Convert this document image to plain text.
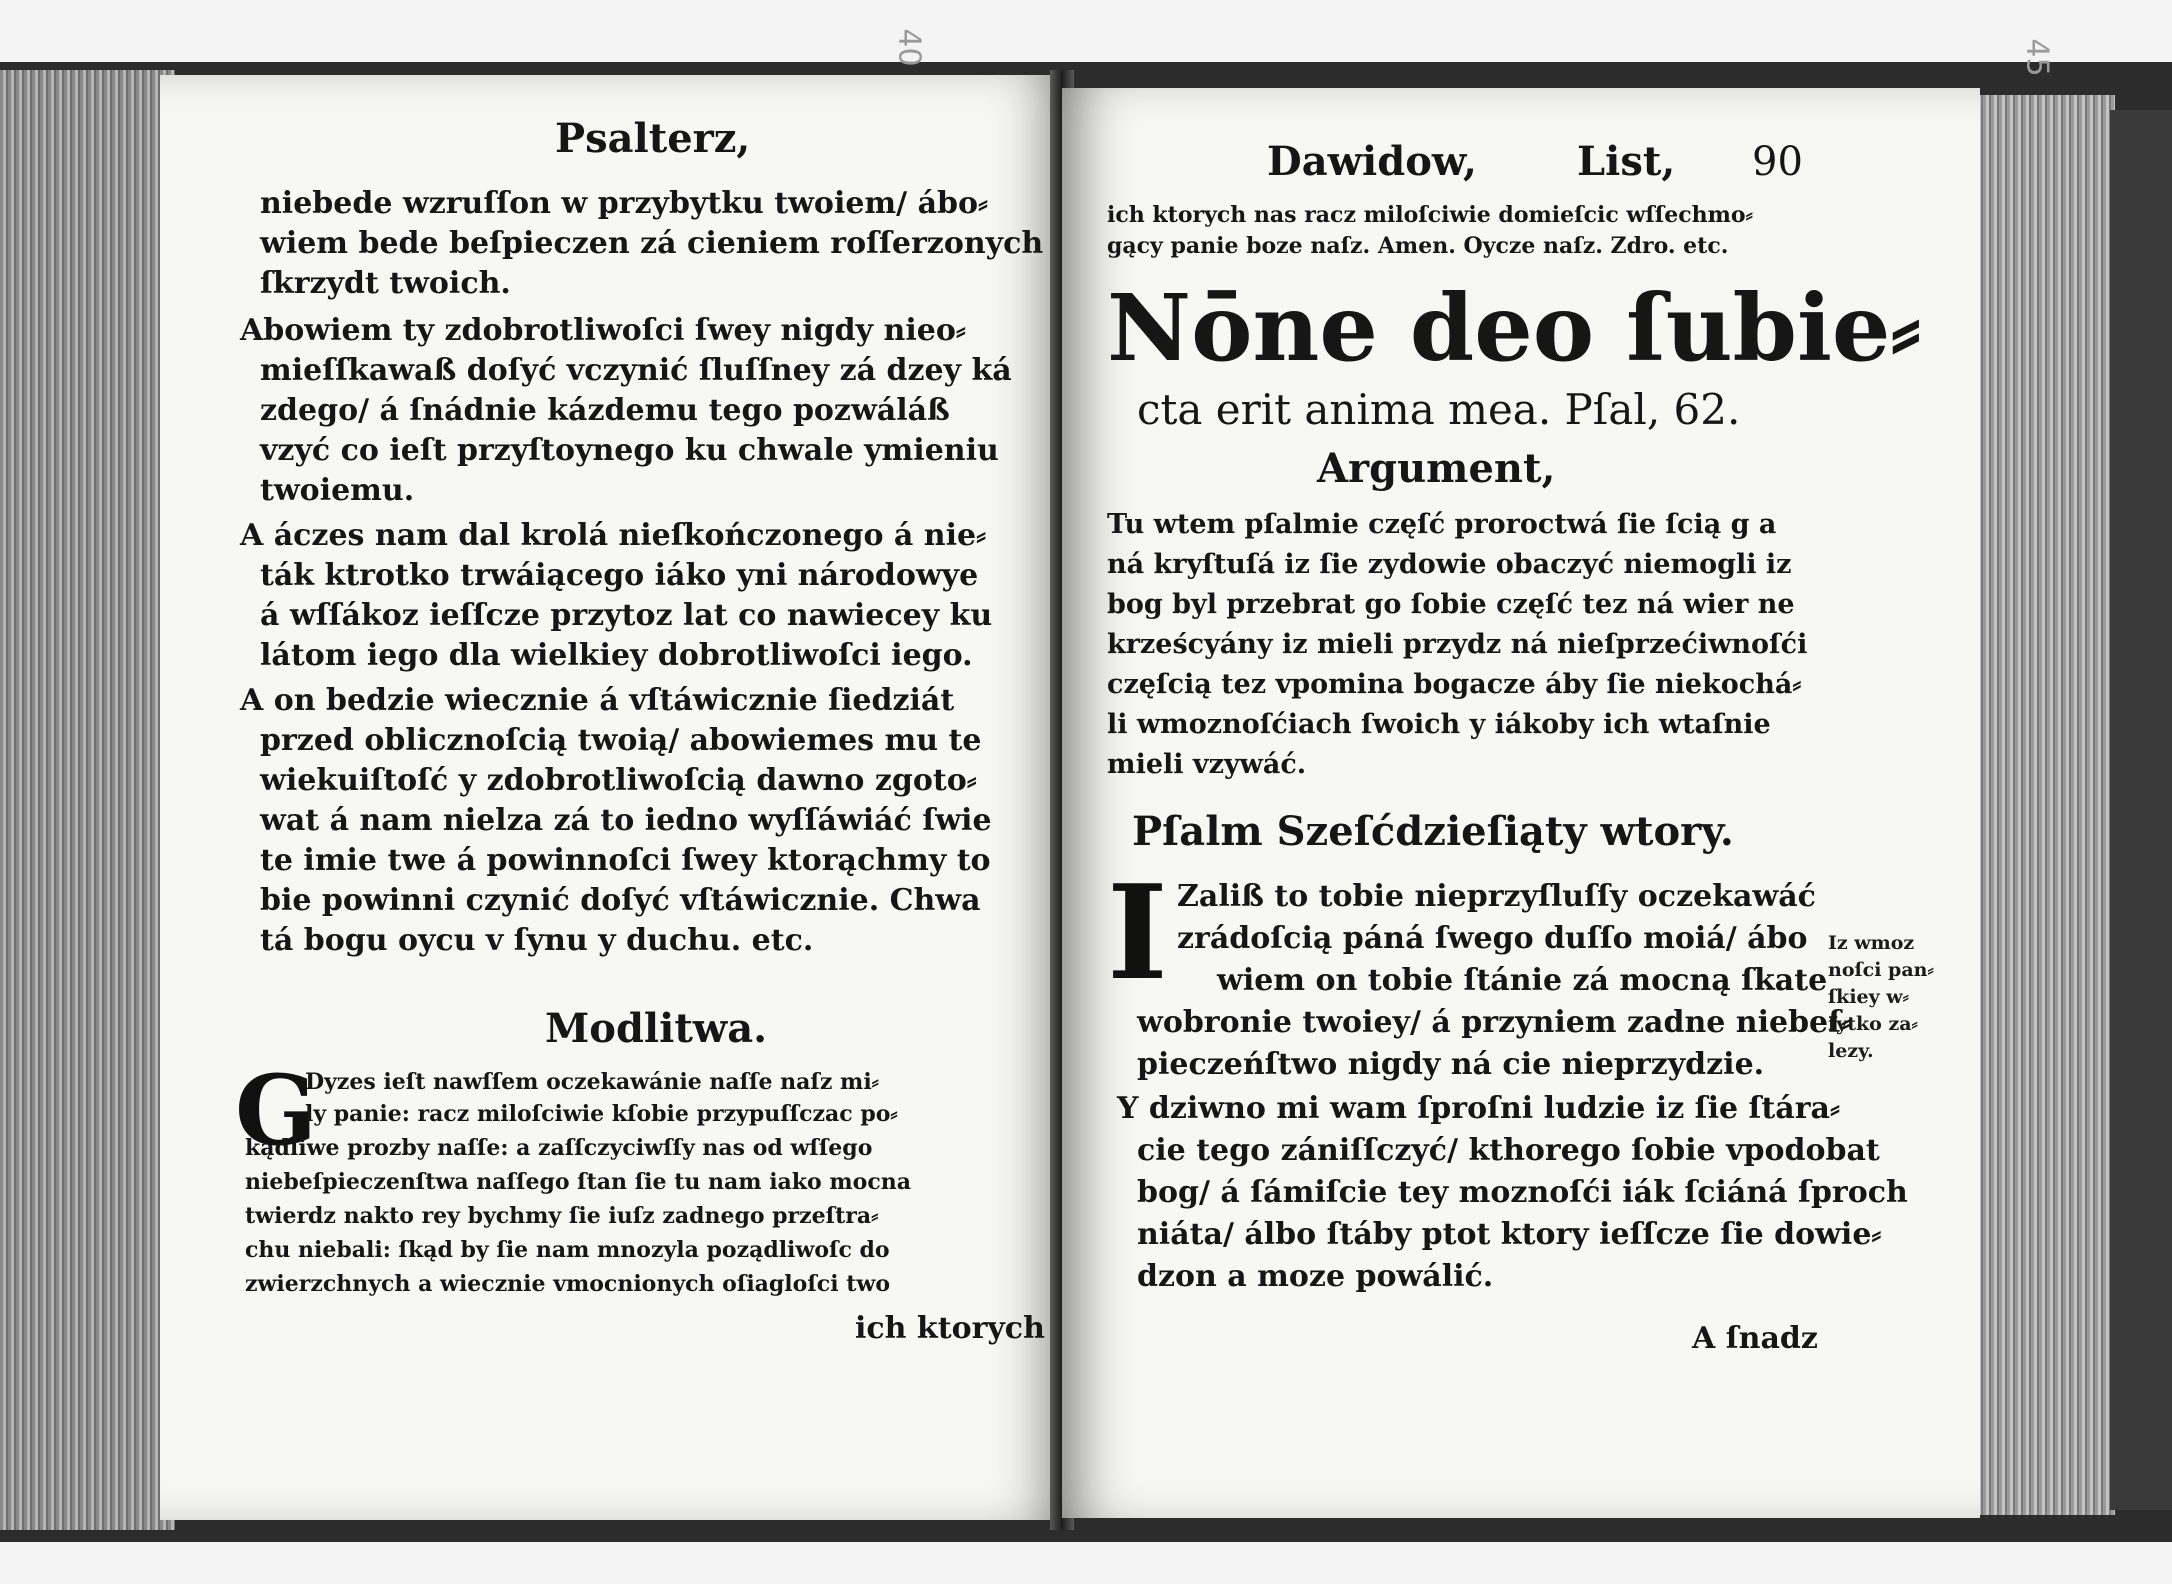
40	45
Psalterz,
niebede wzruſſon w przybytku twoiem/ ábo⸗
wiem bede beſpieczen zá cieniem roſſerzonych
ſkrzydt twoich.
Abowiem ty zdobrotliwoſci ſwey nigdy nieo⸗
mieſſkawaß doſyć vczynić ſluſſney zá dzey ká
zdego/ á ſnádnie kázdemu tego pozwáláß
vzyć co ieſt przyſtoynego ku chwale ymieniu
twoiemu.
A áczes nam dal krolá nieſkończonego á nie⸗
ták ktrotko trwáiącego iáko yni národowye
á wſſákoz ieſſcze przytoz lat co nawiecey ku
látom iego dla wielkiey dobrotliwoſci iego.
A on bedzie wiecznie á vſtáwicznie ſiedziát
przed oblicznoſcią twoią/ abowiemes mu te
wiekuiſtoſć y zdobrotliwoſcią dawno zgoto⸗
wat á nam nielza zá to iedno wyſſáwiáć ſwie
te imie twe á powinnoſci ſwey ktorąchmy to
bie powinni czynić doſyć vſtáwicznie. Chwa
tá bogu oycu v ſynu y duchu. etc.
Modlitwa.
G
Dyzes ieſt nawſſem oczekawánie naſſe naſz mi⸗
ly panie: racz miloſciwie kſobie przypuſſczac po⸗
kądliwe prozby naſſe: a zaſſczyciwſſy nas od wſſego
niebeſpieczenſtwa naſſego ſtan ſie tu nam iako mocna
twierdz nakto rey bychmy ſie iuſz zadnego przeſtra⸗
chu niebali: ſkąd by ſie nam mnozyla poządliwoſc do
zwierzchnych a wiecznie vmocnionych oſiagloſci two
ich ktorych
Dawidow,	List, 90
ich ktorych nas racz miloſciwie domieſcic wſſechmo⸗
gący panie boze naſz. Amen. Oycze naſz. Zdro. etc.
Nōne deo ſubie⸗
cta erit anima mea. Pſal, 62.
Argument,
Tu wtem pſalmie częſć proroctwá ſie ſcią g a
ná kryſtuſá iz ſie zydowie obaczyć niemogli iz
bog byl przebrat go ſobie częſć tez ná wier ne
krześcyány iz mieli przydz ná nieſprzećiwnoſći
częſcią tez vpomina bogacze áby ſie niekochá⸗
li wmoznoſćiach ſwoich y iákoby ich wtaſnie
mieli vzywáć.
Pſalm Szeſćdzieſiąty wtory.
I Zaliß to tobie nieprzyſluſſy oczekawáć
zrádoſcią páná ſwego duſſo moiá/ ábo
wiem on tobie ſtánie zá mocną ſkate
wobronie twoiey/ á przyniem zadne niebeſ⸗
pieczeńſtwo nigdy ná cie nieprzydzie.
Y dziwno mi wam ſproſni ludzie iz ſie ſtára⸗
cie tego zániſſczyć/ kthorego ſobie vpodobat
bog/ á ſámiſcie tey moznoſći iák ſciáná ſproch
niáta/ álbo ſtáby ptot ktory ieſſcze ſie dowie⸗
dzon a moze powálić.
A ſnadz
Iz wmoz
noſci pan⸗
ſkiey w⸗
ſytko za⸗
lezy.
